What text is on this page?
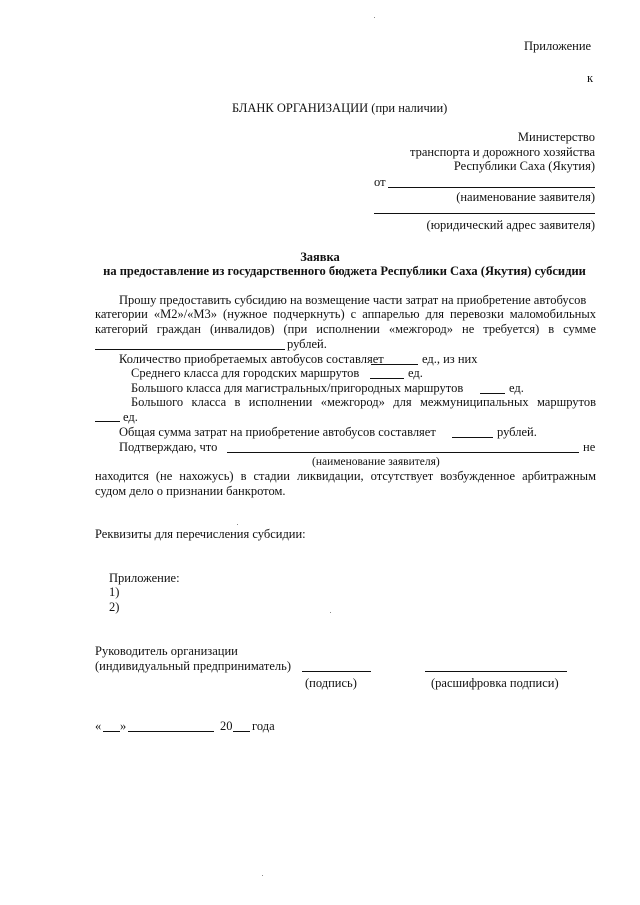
Приложение
к
БЛАНК ОРГАНИЗАЦИИ (при наличии)
Министерство
транспорта и дорожного хозяйства
Республики Саха (Якутия)
от
(наименование заявителя)
(юридический адрес заявителя)
Заявка
на предоставление из государственного бюджета Республики Саха (Якутия) субсидии
Прошу предоставить субсидию на возмещение части затрат на приобретение автобусов
категории «М2»/«М3» (нужное подчеркнуть) с аппарелью для перевозки маломобильных
категорий граждан (инвалидов) (при исполнении «межгород» не требуется) в сумме
рублей.
Количество приобретаемых автобусов составляет	ед., из них
Среднего класса для городских маршрутов	ед.
Большого класса для магистральных/пригородных маршрутов	ед.
Большого класса в исполнении «межгород» для межмуниципальных маршрутов
ед.
Общая сумма затрат на приобретение автобусов составляет	рублей.
Подтверждаю, что	не
(наименование заявителя)
находится (не нахожусь) в стадии ликвидации, отсутствует возбужденное арбитражным
судом дело о признании банкротом.
Реквизиты для перечисления субсидии:
Приложение:
1)
2)
Руководитель организации
(индивидуальный предприниматель)
(подпись)	(расшифровка подписи)
« »	20 года
